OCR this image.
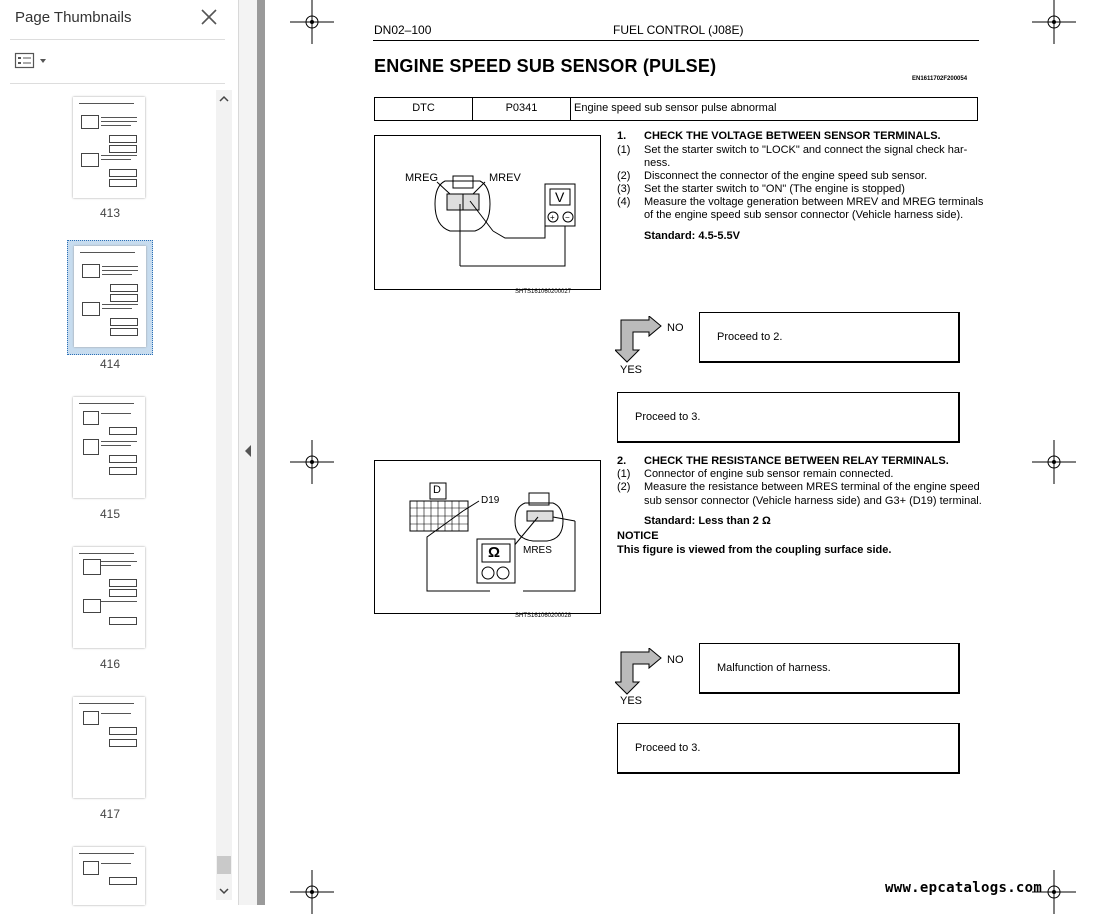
Page Thumbnails
413
414
415
416
417
DN02–100	FUEL CONTROL (J08E)
ENGINE SPEED SUB SENSOR (PULSE)
EN1611702F200054
DTC	P0341	Engine speed sub sensor pulse abnormal
+ −
MREG	MREV
V
SHTS161060200027
1. CHECK THE VOLTAGE BETWEEN SENSOR TERMINALS.
(1) Set the starter switch to "LOCK" and connect the signal check har-
ness.
(2) Disconnect the connector of the engine speed sub sensor.
(3) Set the starter switch to "ON" (The engine is stopped)
(4) Measure the voltage generation between MREV and MREG terminals
of the engine speed sub sensor connector (Vehicle harness side).
Standard: 4.5-5.5V
NO
YES
Proceed to 2.
Proceed to 3.
D
D19
Ω MRES
SHTS161060200028
2. CHECK THE RESISTANCE BETWEEN RELAY TERMINALS.
(1) Connector of engine sub sensor remain connected.
(2) Measure the resistance between MRES terminal of the engine speed
sub sensor connector (Vehicle harness side) and G3+ (D19) terminal.
Standard: Less than 2 Ω
NOTICE
This figure is viewed from the coupling surface side.
NO
YES
Malfunction of harness.
Proceed to 3.
www.epcatalogs.com
